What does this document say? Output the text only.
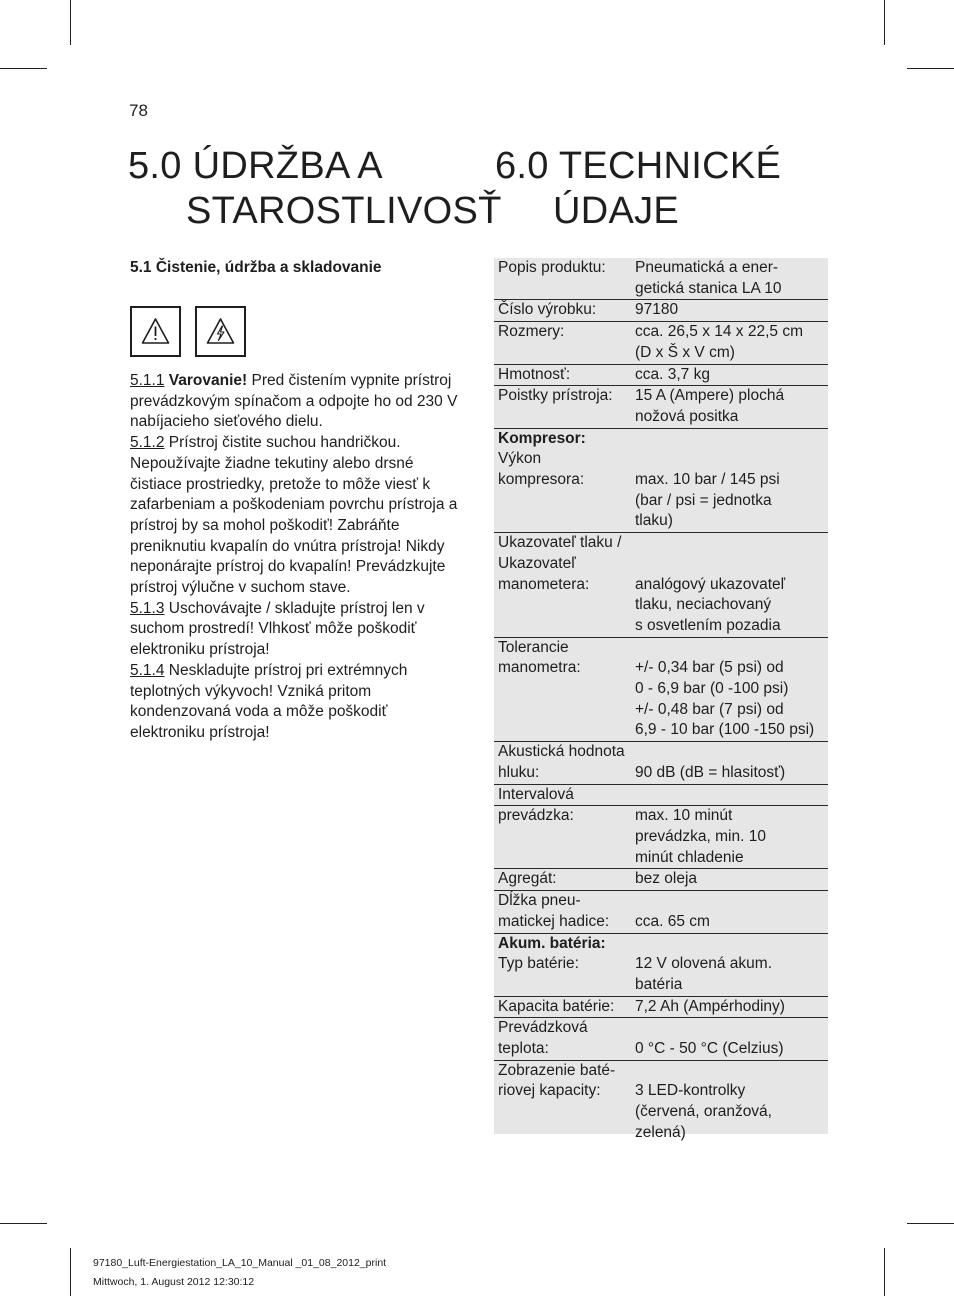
78
5.0 ÚDRŽBA A
STAROSTLIVOSŤ
6.0 TECHNICKÉ
ÚDAJE
5.1 Čistenie, údržba a skladovanie

5.1.1 Varovanie! Pred čistením vypnite prístroj prevádzkovým spínačom a odpojte ho od 230 V nabíjacieho sieťového dielu.

5.1.2 Prístroj čistite suchou handričkou. Nepoužívajte žiadne tekutiny alebo drsné čistiace prostriedky, pretože to môže viesť k zafarbeniam a poškodeniam povrchu prístroja a prístroj by sa mohol poškodiť! Zabráňte preniknutiu kvapalín do vnútra prístroja! Nikdy neponárajte prístroj do kvapalín! Prevádzkujte prístroj výlučne v suchom stave.

5.1.3 Uschovávajte / skladujte prístroj len v suchom prostredí! Vlhkosť môže poškodiť elektroniku prístroja!

5.1.4 Neskladujte prístroj pri extrémnych teplotných výkyvoch! Vzniká pritom kondenzovaná voda a môže poškodiť elektroniku prístroja!

Popis produktu:	Pneumatická a ener-
getická stanica LA 10
Číslo výrobku:	97180
Rozmery:	cca. 26,5 x 14 x 22,5 cm
(D x Š x V cm)
Hmotnosť:	cca. 3,7 kg
Poistky prístroja:	15 A (Ampere) plochá
nožová positka
Kompresor:
Výkon
kompresora:
	max. 10 bar / 145 psi
(bar / psi = jednotka
tlaku)
Ukazovateľ tlaku /
Ukazovateľ
manometera:

	analógový ukazovateľ
tlaku, neciachovaný
s osvetlením pozadia
Tolerancie
manometra:
	+/- 0,34 bar (5 psi) od
0 - 6,9 bar (0 -100 psi)
+/- 0,48 bar (7 psi) od
6,9 - 10 bar (100 -150 psi)
Akustická hodnota
hluku:
	90 dB (dB = hlasitosť)
Intervalová

prevádzka:	max. 10 minút
prevádzka, min. 10
minút chladenie
Agregát:	bez oleja
Dĺžka pneu-
matickej hadice:
	cca. 65 cm
Akum. batéria:
Typ batérie:	12 V olovená akum.
batéria
Kapacita batérie:	7,2 Ah (Ampérhodiny)
Prevádzková
teplota:
	0 °C - 50 °C (Celzius)
Zobrazenie baté-
riovej kapacity:
	3 LED-kontrolky
(červená, oranžová,
zelená)
97180_Luft-Energiestation_LA_10_Manual _01_08_2012_print
Mittwoch, 1. August 2012 12:30:12
